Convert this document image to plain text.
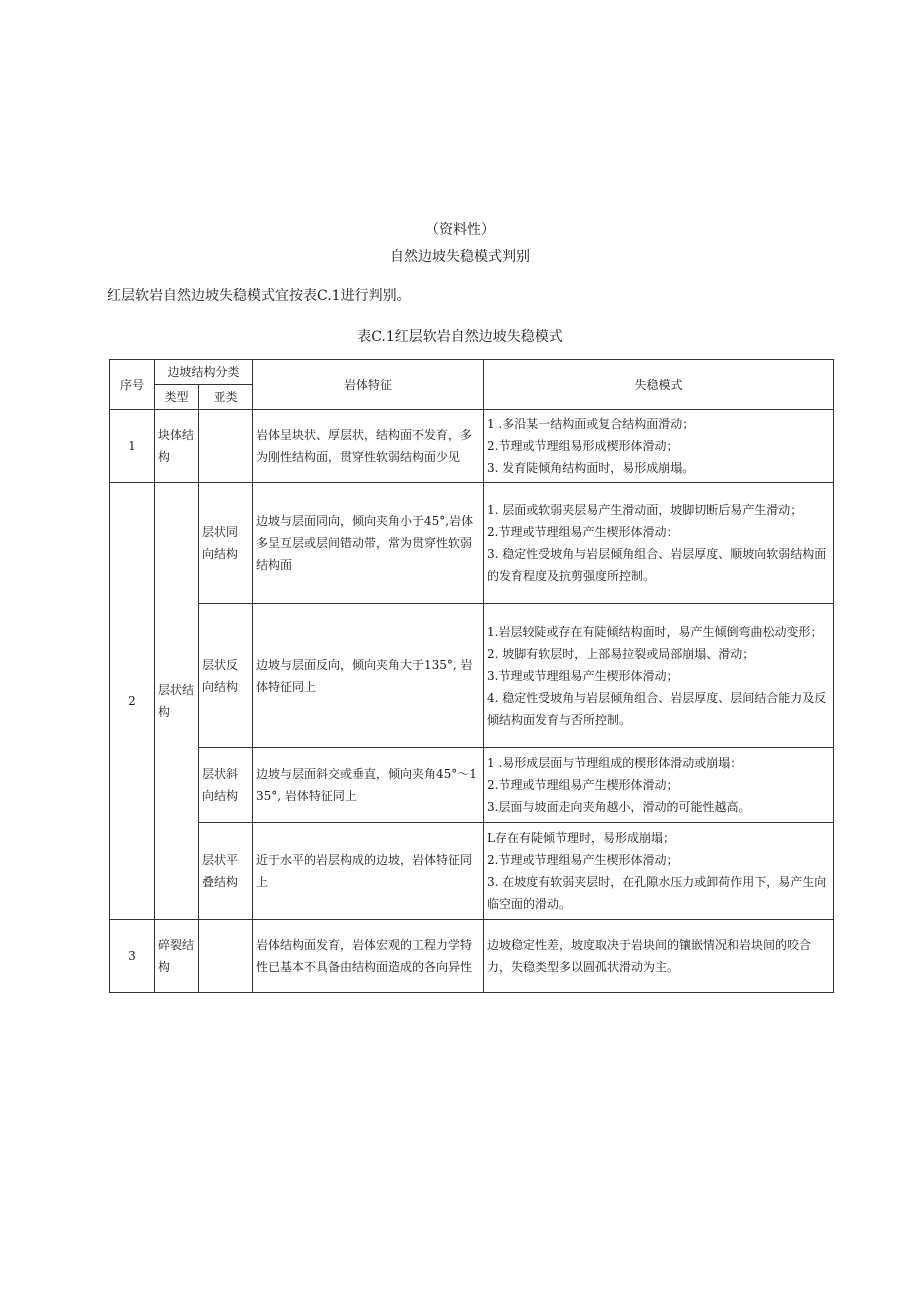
（资料性）
自然边坡失稳模式判别
红层软岩自然边坡失稳模式宜按表C.1进行判别。
表C.1红层软岩自然边坡失稳模式
序号	边坡结构分类		岩体特征	失稳模式
	类型	亚类		
1	块体结构		岩体呈块状、厚层状，结构面不发育，多为刚性结构面，贯穿性软弱结构面少见	1 .多沿某一结构面或复合结构面滑动；
2.节理或节理组易形成楔形体滑动；
3. 发育陡倾角结构面时，易形成崩塌。

2	层状结构	层状同向结构	边坡与层面同向，倾向夹角小于45°,岩体多呈互层或层间错动带，常为贯穿性软弱结构面	1. 层面或软弱夹层易产生滑动面，坡脚切断后易产生滑动；
2.节理或节理组易产生楔形体滑动：
3. 稳定性受坡角与岩层倾角组合、岩层厚度、顺坡向软弱结构面的发育程度及抗剪强度所控制。
		层状反向结构	边坡与层面反向，倾向夹角大于135°, 岩体特征同上	1.岩层较陡或存在有陡倾结构面时，易产生倾倒弯曲松动变形；
2. 坡脚有软层时，上部易拉裂或局部崩塌、滑动；
3.节理或节理组易产生楔形体滑动；
4. 稳定性受坡角与岩层倾角组合、岩层厚度、层间结合能力及反倾结构面发育与否所控制。

		层状斜向结构	边坡与层面斜交或垂直，倾向夹角45°～135°, 岩体特征同上	1 .易形成层面与节理组成的楔形体滑动或崩塌：
2.节理或节理组易产生楔形体滑动；
3.层面与坡面走向夹角越小，滑动的可能性越高。

		层状平叠结构	近于水平的岩层构成的边坡，岩体特征同上	L存在有陡倾节理时，易形成崩塌；
2.节理或节理组易产生楔形体滑动；
3. 在坡度有软弱夹层时，在孔隙水压力或卸荷作用下，易产生向临空面的滑动。

3	碎裂结构		岩体结构面发育，岩体宏观的工程力学特性已基本不具备由结构面造成的各向异性	边坡稳定性差，坡度取决于岩块间的镶嵌情况和岩块间的咬合力，失稳类型多以圆孤状滑动为主。
